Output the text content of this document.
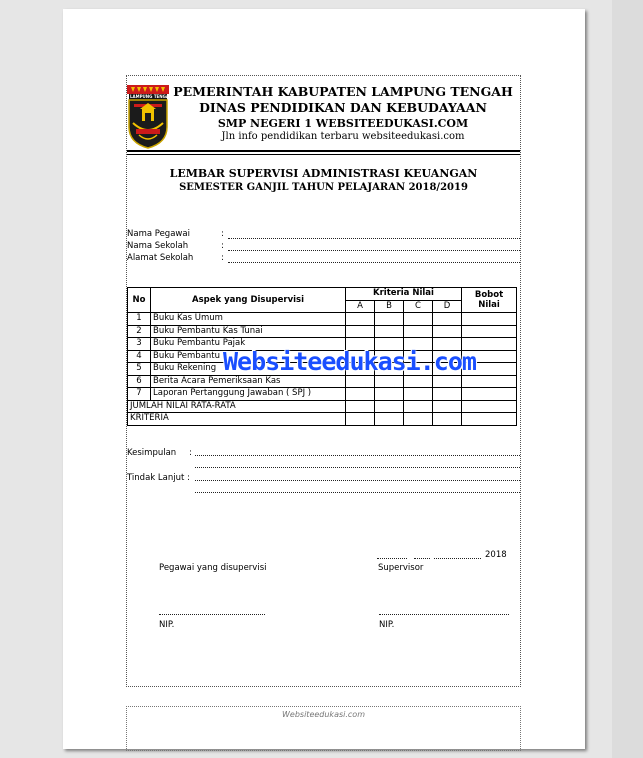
Websiteedukasi.com
LAMPUNG TENGAH PEMERINTAH KABUPATEN LAMPUNG TENGAH
DINAS PENDIDIKAN DAN KEBUDAYAAN
SMP NEGERI 1 WEBSITEEDUKASI.COM
Jln info pendidikan terbaru websiteedukasi.com
LEMBAR SUPERVISI ADMINISTRASI KEUANGAN
SEMESTER GANJIL TAHUN PELAJARAN 2018/2019
Nama Pegawai	:
Nama Sekolah	:
Alamat Sekolah	:
No	Aspek yang Disupervisi	Kriteria Nilai				Bobot Nilai
		A	B	C	D	
1	Buku Kas Umum					
2	Buku Pembantu Kas Tunai					
3	Buku Pembantu Pajak					
4	Buku Pembantu					
5	Buku Rekening					
6	Berita Acara Pemeriksaan Kas					
7	Laporan Pertanggung Jawaban ( SPJ )					
JUMLAH NILAI RATA-RATA						
KRITERIA						
Websiteedukasi.com
Kesimpulan :
Tindak Lanjut :
2018
Pegawai yang disupervisi	Supervisor
NIP.	NIP.
